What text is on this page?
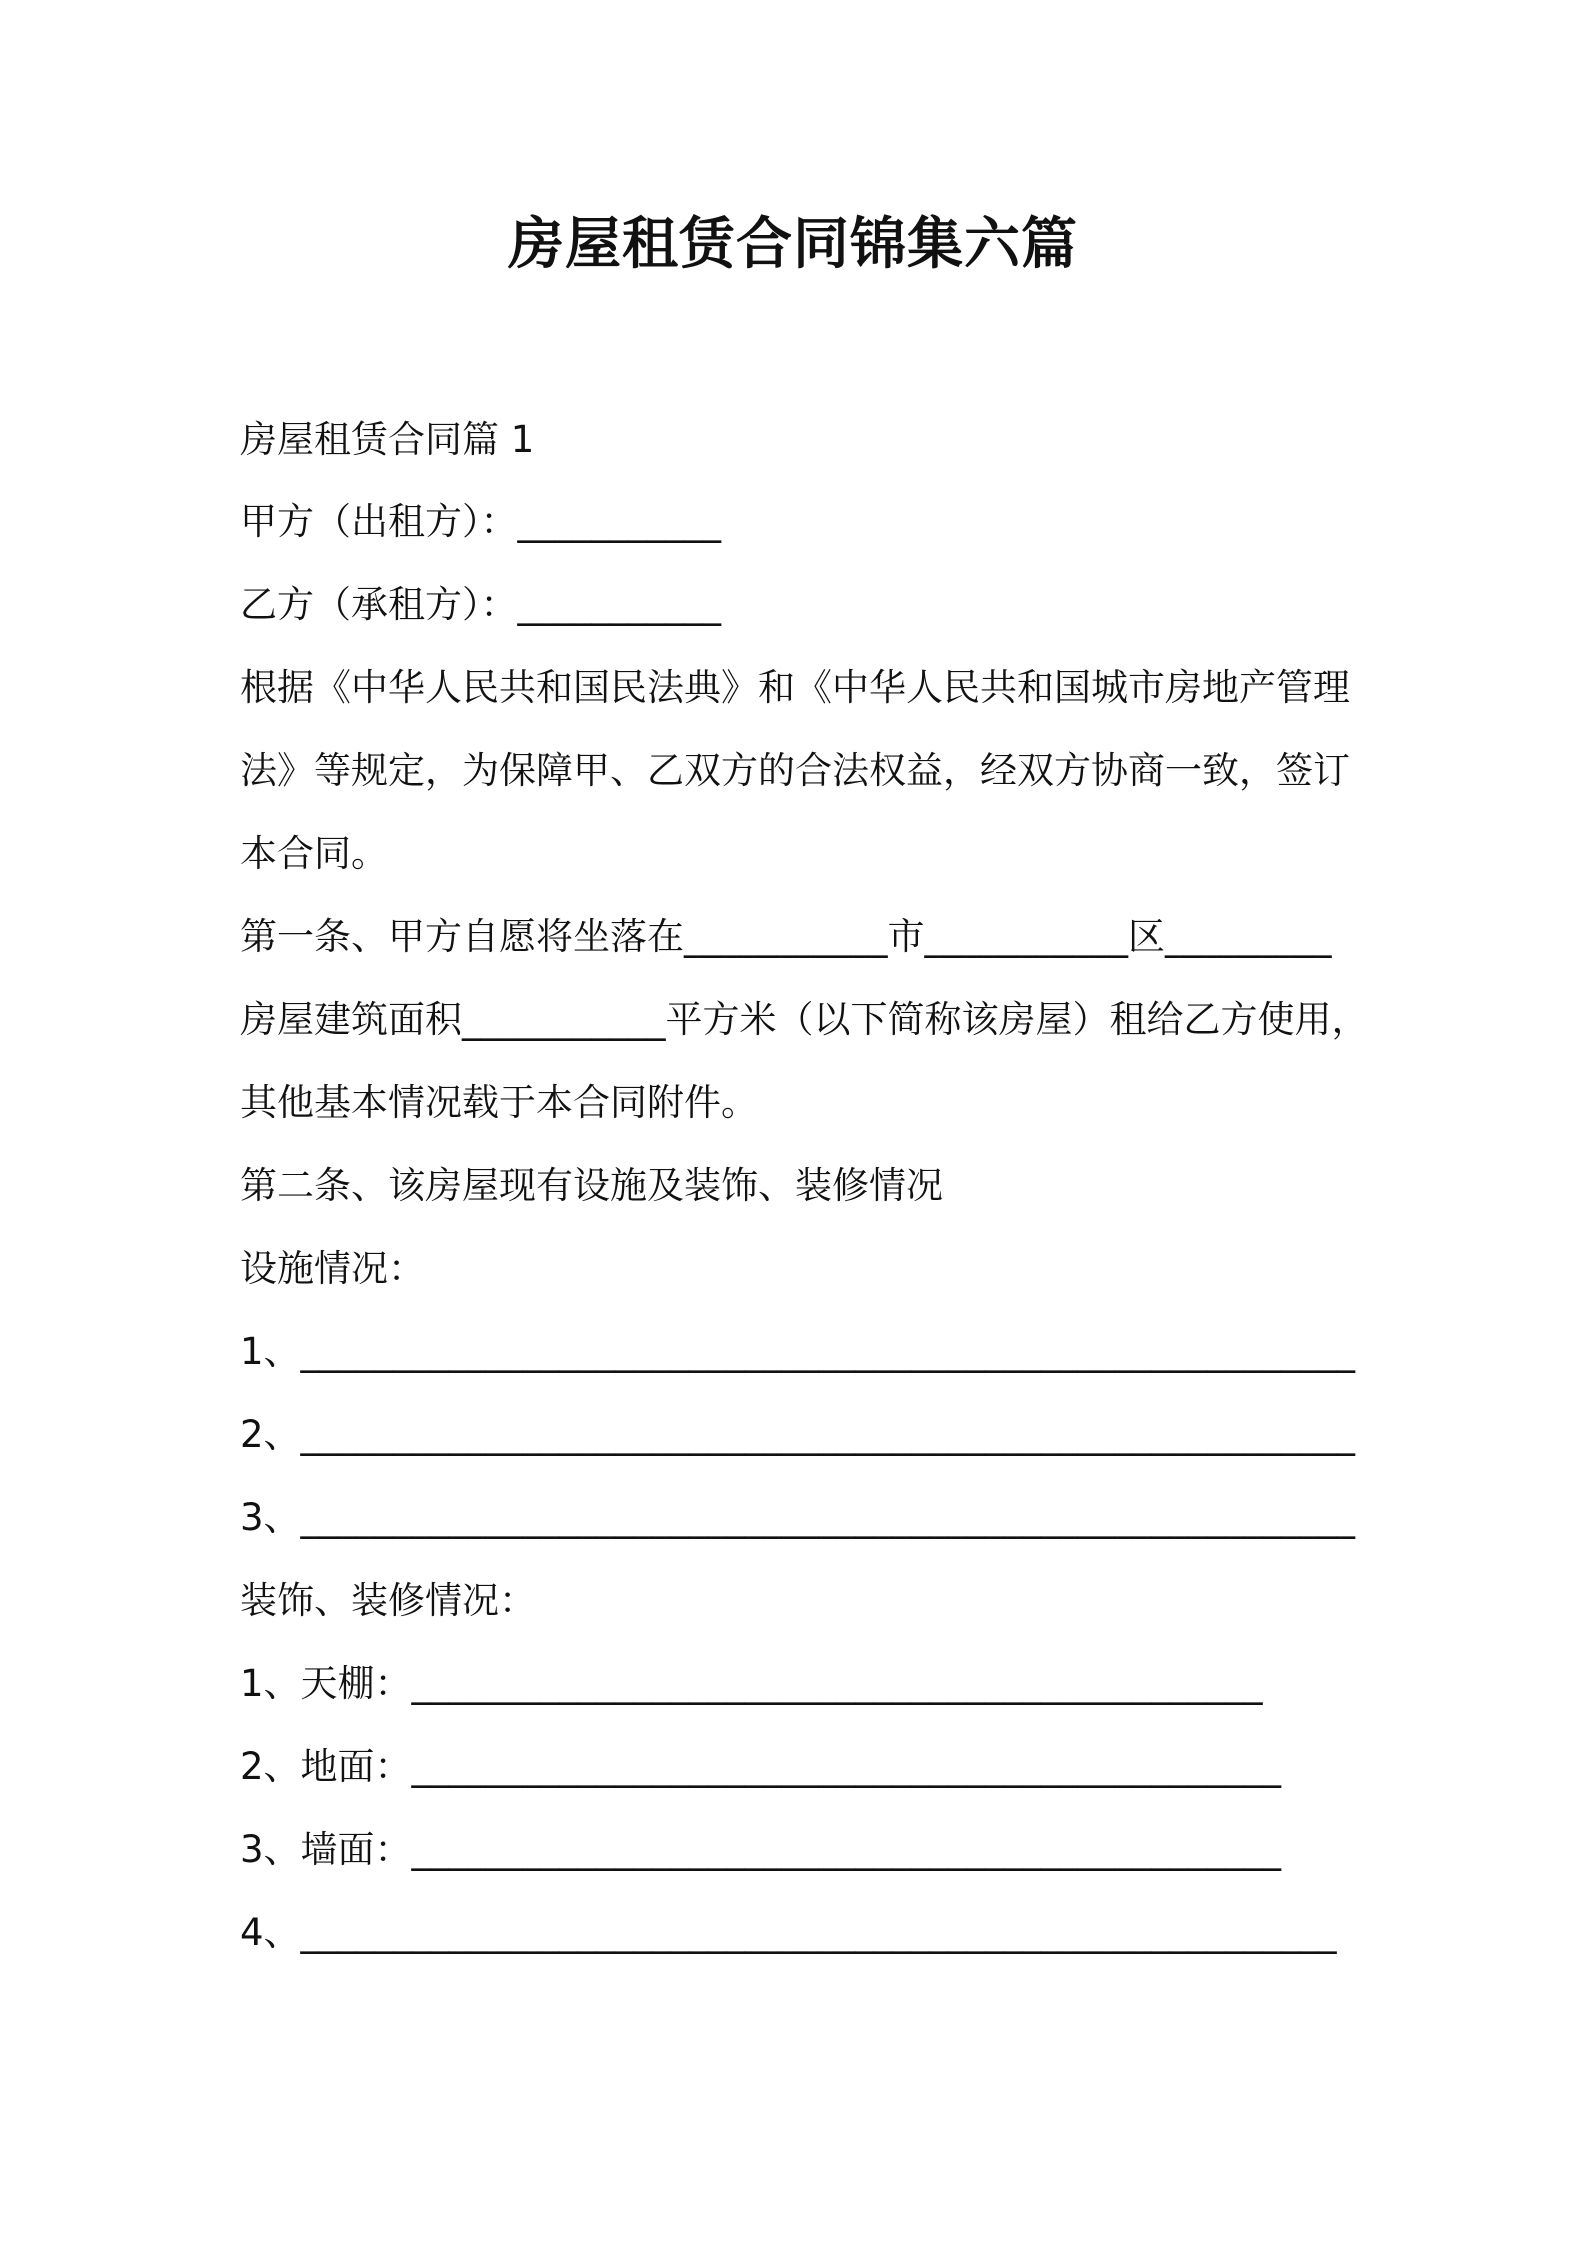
房屋租赁合同锦集六篇
房屋租赁合同篇 1
甲方（出租方）：___________
乙方（承租方）：___________
根据《中华人民共和国民法典》和《中华人民共和国城市房地产管理
法》等规定，为保障甲、乙双方的合法权益，经双方协商一致，签订
本合同。
第一条、甲方自愿将坐落在___________市___________区_________
房屋建筑面积___________平方米（以下简称该房屋）租给乙方使用，
其他基本情况载于本合同附件。
第二条、该房屋现有设施及装饰、装修情况
设施情况：
1、_________________________________________________________
2、_________________________________________________________
3、_________________________________________________________
装饰、装修情况：
1、天棚：______________________________________________
2、地面：_______________________________________________
3、墙面：_______________________________________________
4、________________________________________________________
